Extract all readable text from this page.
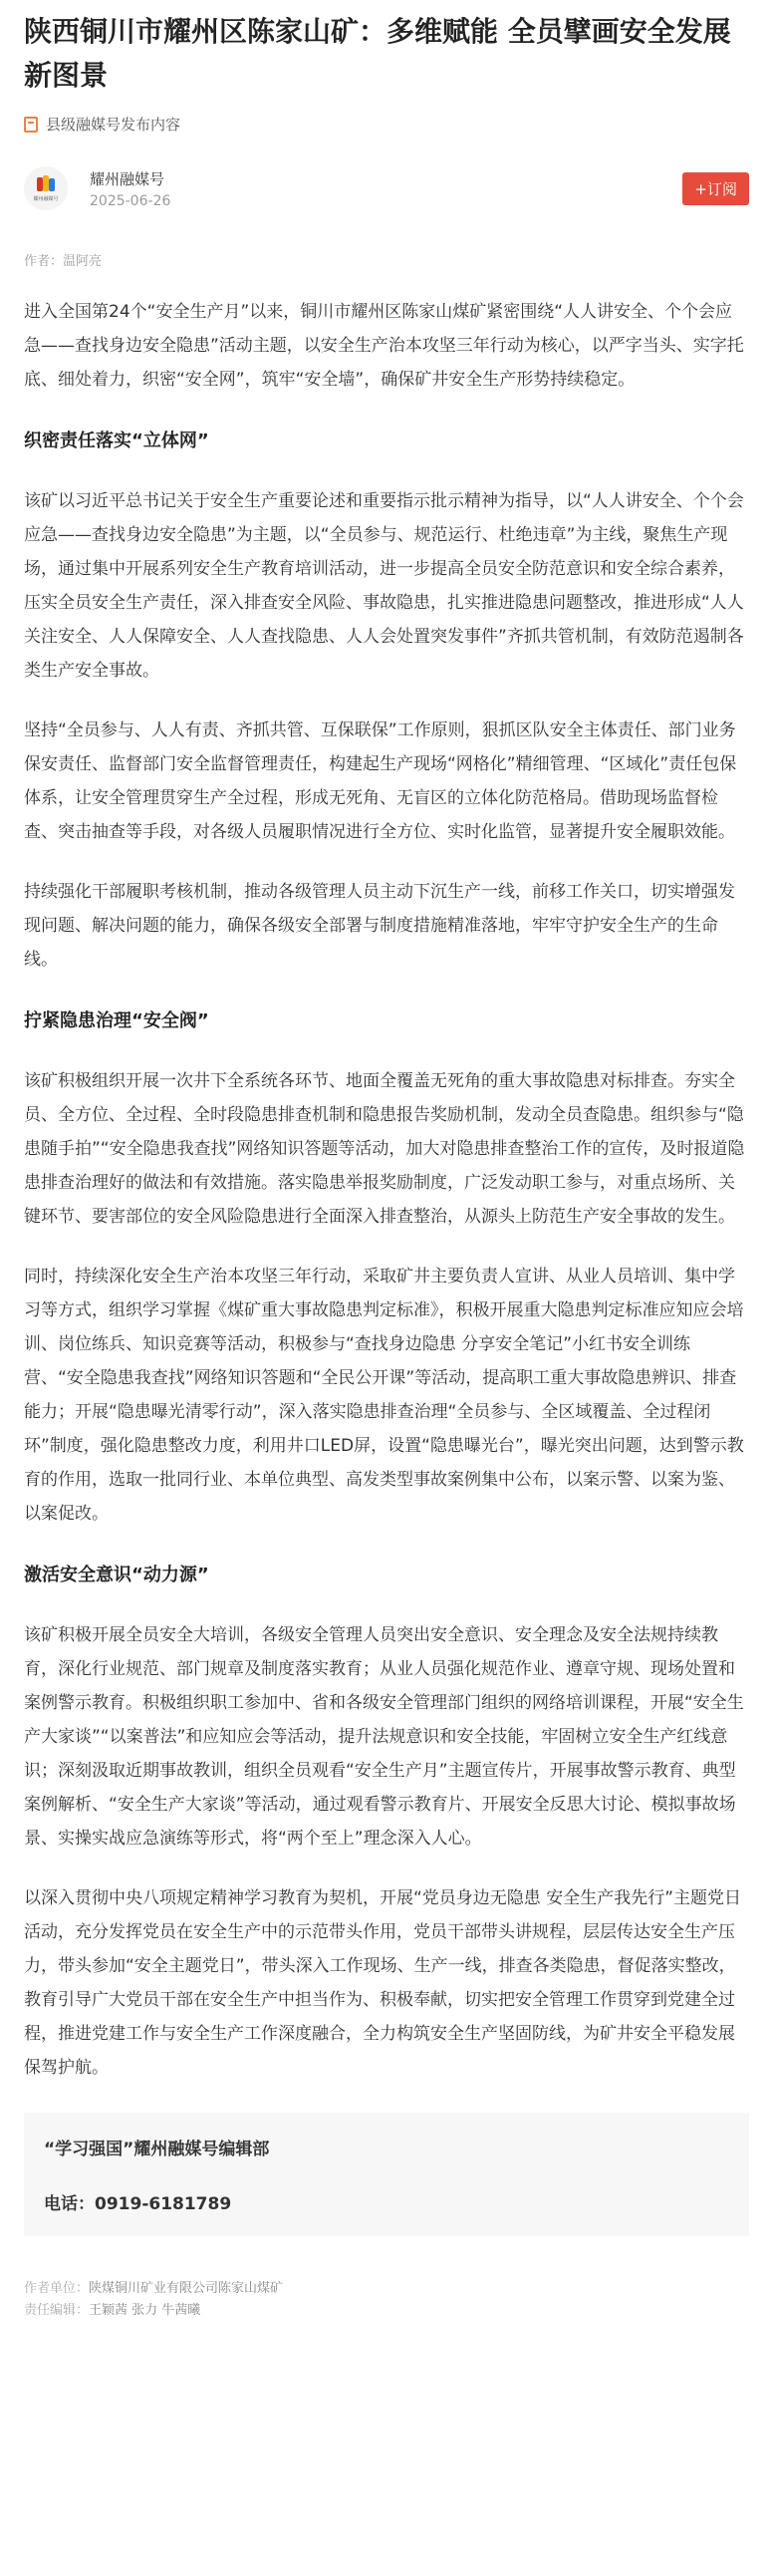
陕西铜川市耀州区陈家山矿：多维赋能 全员擘画安全发展新图景
县级融媒号发布内容
耀州融媒号
耀州融媒号
2025-06-26
+订阅
作者：温阿亮

进入全国第24个“安全生产月”以来，铜川市耀州区陈家山煤矿紧密围绕“人人讲安全、个个会应急——查找身边安全隐患”活动主题，以安全生产治本攻坚三年行动为核心，以严字当头、实字托底、细处着力，织密“安全网”，筑牢“安全墙”，确保矿井安全生产形势持续稳定。

织密责任落实“立体网”

该矿以习近平总书记关于安全生产重要论述和重要指示批示精神为指导，以“人人讲安全、个个会应急——查找身边安全隐患”为主题，以“全员参与、规范运行、杜绝违章”为主线，聚焦生产现场，通过集中开展系列安全生产教育培训活动，进一步提高全员安全防范意识和安全综合素养，压实全员安全生产责任，深入排查安全风险、事故隐患，扎实推进隐患问题整改，推进形成“人人关注安全、人人保障安全、人人查找隐患、人人会处置突发事件”齐抓共管机制，有效防范遏制各类生产安全事故。

坚持“全员参与、人人有责、齐抓共管、互保联保”工作原则，狠抓区队安全主体责任、部门业务保安责任、监督部门安全监督管理责任，构建起生产现场“网格化”精细管理、“区域化”责任包保体系，让安全管理贯穿生产全过程，形成无死角、无盲区的立体化防范格局。借助现场监督检查、突击抽查等手段，对各级人员履职情况进行全方位、实时化监管，显著提升安全履职效能。

持续强化干部履职考核机制，推动各级管理人员主动下沉生产一线，前移工作关口，切实增强发现问题、解决问题的能力，确保各级安全部署与制度措施精准落地，牢牢守护安全生产的生命线。

拧紧隐患治理“安全阀”

该矿积极组织开展一次井下全系统各环节、地面全覆盖无死角的重大事故隐患对标排查。夯实全员、全方位、全过程、全时段隐患排查机制和隐患报告奖励机制，发动全员查隐患。组织参与“隐患随手拍”“安全隐患我查找”网络知识答题等活动，加大对隐患排查整治工作的宣传，及时报道隐患排查治理好的做法和有效措施。落实隐患举报奖励制度，广泛发动职工参与，对重点场所、关键环节、要害部位的安全风险隐患进行全面深入排查整治，从源头上防范生产安全事故的发生。

同时，持续深化安全生产治本攻坚三年行动，采取矿井主要负责人宣讲、从业人员培训、集中学习等方式，组织学习掌握《煤矿重大事故隐患判定标准》，积极开展重大隐患判定标准应知应会培训、岗位练兵、知识竞赛等活动，积极参与“查找身边隐患 分享安全笔记”小红书安全训练营、“安全隐患我查找”网络知识答题和“全民公开课”等活动，提高职工重大事故隐患辨识、排查能力；开展“隐患曝光清零行动”，深入落实隐患排查治理“全员参与、全区域覆盖、全过程闭环”制度，强化隐患整改力度，利用井口LED屏，设置“隐患曝光台”，曝光突出问题，达到警示教育的作用，选取一批同行业、本单位典型、高发类型事故案例集中公布，以案示警、以案为鉴、以案促改。

激活安全意识“动力源”

该矿积极开展全员安全大培训，各级安全管理人员突出安全意识、安全理念及安全法规持续教育，深化行业规范、部门规章及制度落实教育；从业人员强化规范作业、遵章守规、现场处置和案例警示教育。积极组织职工参加中、省和各级安全管理部门组织的网络培训课程，开展“安全生产大家谈”“以案普法”和应知应会等活动，提升法规意识和安全技能，牢固树立安全生产红线意识；深刻汲取近期事故教训，组织全员观看“安全生产月”主题宣传片，开展事故警示教育、典型案例解析、“安全生产大家谈”等活动，通过观看警示教育片、开展安全反思大讨论、模拟事故场景、实操实战应急演练等形式，将“两个至上”理念深入人心。

以深入贯彻中央八项规定精神学习教育为契机，开展“党员身边无隐患 安全生产我先行”主题党日活动，充分发挥党员在安全生产中的示范带头作用，党员干部带头讲规程，层层传达安全生产压力，带头参加“安全主题党日”，带头深入工作现场、生产一线，排查各类隐患，督促落实整改，教育引导广大党员干部在安全生产中担当作为、积极奉献，切实把安全管理工作贯穿到党建全过程，推进党建工作与安全生产工作深度融合，全力构筑安全生产坚固防线，为矿井安全平稳发展保驾护航。

“学习强国”耀州融媒号编辑部
电话：0919-6181789
作者单位：陕煤铜川矿业有限公司陈家山煤矿
责任编辑：王颖茜 张力 牛茜曦
